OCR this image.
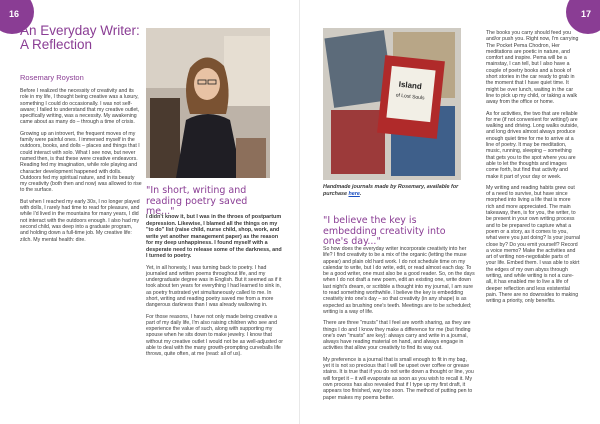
16	17
An Everyday Writer: A Reflection
Rosemary Royston

Before I realized the necessity of creativity and its role in my life, I thought being creative was a luxury, something I could do occasionally. I was not self-aware; I failed to understand that my creative outlet, specifically writing, was a necessity. My awakening came about as many do – through a time of crisis.

Growing up an introvert, the frequent moves of my family were painful ones. I immersed myself in the outdoors, books, and dolls – places and things that I could interact with solo. What I see now, but never named then, is that these were creative endeavors. Reading fed my imagination, while role playing and character development happened with dolls. Outdoors fed my spiritual nature, and in its beauty my creativity (both then and now) was allowed to rise to the surface.

But when I reached my early 30s, I no longer played with dolls, I rarely had time to read for pleasure, and while I'd lived in the mountains for many years, I did not interact with the outdoors enough. I also had my second child, was deep into a graduate program, and holding down a full-time job. My creative life: zilch. My mental health: dire.

"In short, writing and reading poetry saved me..."

I didn't know it, but I was in the throes of postpartum depression. Likewise, I blamed all the things on my "to do" list (raise child, nurse child, shop, work, and write yet another management paper) as the reason for my deep unhappiness. I found myself with a desperate need to release some of the darkness, and I turned to poetry.

Yet, in all honesty, I was turning back to poetry. I had journaled and written poems throughout life, and my undergraduate degree was in English. But it seemed as if it took about ten years for everything I had learned to sink in, as poetry frustrated yet simultaneously called to me. In short, writing and reading poetry saved me from a more dangerous darkness than I was already wallowing in.

For those reasons, I have not only made being creative a part of my daily life, I'm also raising children who see and experience the value of such, along with supporting my spouse when he sits down to make jewelry. I know that without my creative outlet I would not be as well-adjusted or able to deal with the many growth-prompting curveballs life throws, quite often, at me (read: all of us).

Island
of Lost Souls
Handmade journals made by Rosemary, available for purchase here.
"I believe the key is embedding creativity into one's day..."

So how does the everyday writer incorporate creativity into her life? I find creativity to be a mix of the organic (letting the muse appear) and plain old hard work. I do not schedule time on my calendar to write, but I do write, edit, or read almost each day. To be a good writer, one must also be a good reader. So, on the days when I do not draft a new poem, edit an existing one, write down last night's dream, or scribble a thought into my journal, I am sure to read something worthwhile. I believe the key is embedding creativity into one's day – so that creativity (in any shape) is as expected as brushing one's teeth. Meetings are to be scheduled; writing is a way of life.

There are three "musts" that I feel are worth sharing, as they are things I do and I know they make a difference for me (but finding one's own "musts" are key): always carry and write in a journal, always have reading material on hand, and always engage in activities that allow your creativity to find its way out.

My preference is a journal that is small enough to fit in my bag, yet it is not so precious that I will be upset over coffee or grease stains. It is true that if you do not write down a thought or line, you will forget it – it will evaporate as soon as you wish to recall it. My own process has also revealed that if I type up my first draft, it appears too finished, way too soon. The method of putting pen to paper makes my poems better.

The books you carry should feed you and/or push you. Right now, I'm carrying The Pocket Pema Chodron, Her meditations are poetic in nature, and comfort and inspire. Pema will be a mainstay, I can tell, but I also have a couple of poetry books and a book of short stories in the car ready to grab in the moment that I have quiet time. It might be over lunch, waiting in the car line to pick up my child, or taking a walk away from the office or home.

As for activities, the two that are reliable for me (if not convenient for writing!) are walking and driving. Long walks outside, and long drives almost always produce enough quiet time for me to arrive at a line of poetry. It may be meditation, music, running, sleeping – something that gets you to the spot where you are able to let the thoughts and images come forth, but find that activity and make it part of your day or week.

My writing and reading habits grew out of a need to survive, but have since morphed into living a life that is more rich and more appreciated. The main takeaway, then, is for you, the writer, to be present in your own writing process and to be prepared to capture what a poem or a story, as it comes to you, what were you just doing? Is your journal close by? Do you emit yourself? Record a voice memo? Make the activities and art of writing non-negotiable parts of your life. Embed them. I was able to skirt the edges of my own abyss through writing, and while writing is not a cure-all, it has enabled me to live a life of deeper reflection and less existential pain. There are no downsides to making writing a priority, only benefits.
